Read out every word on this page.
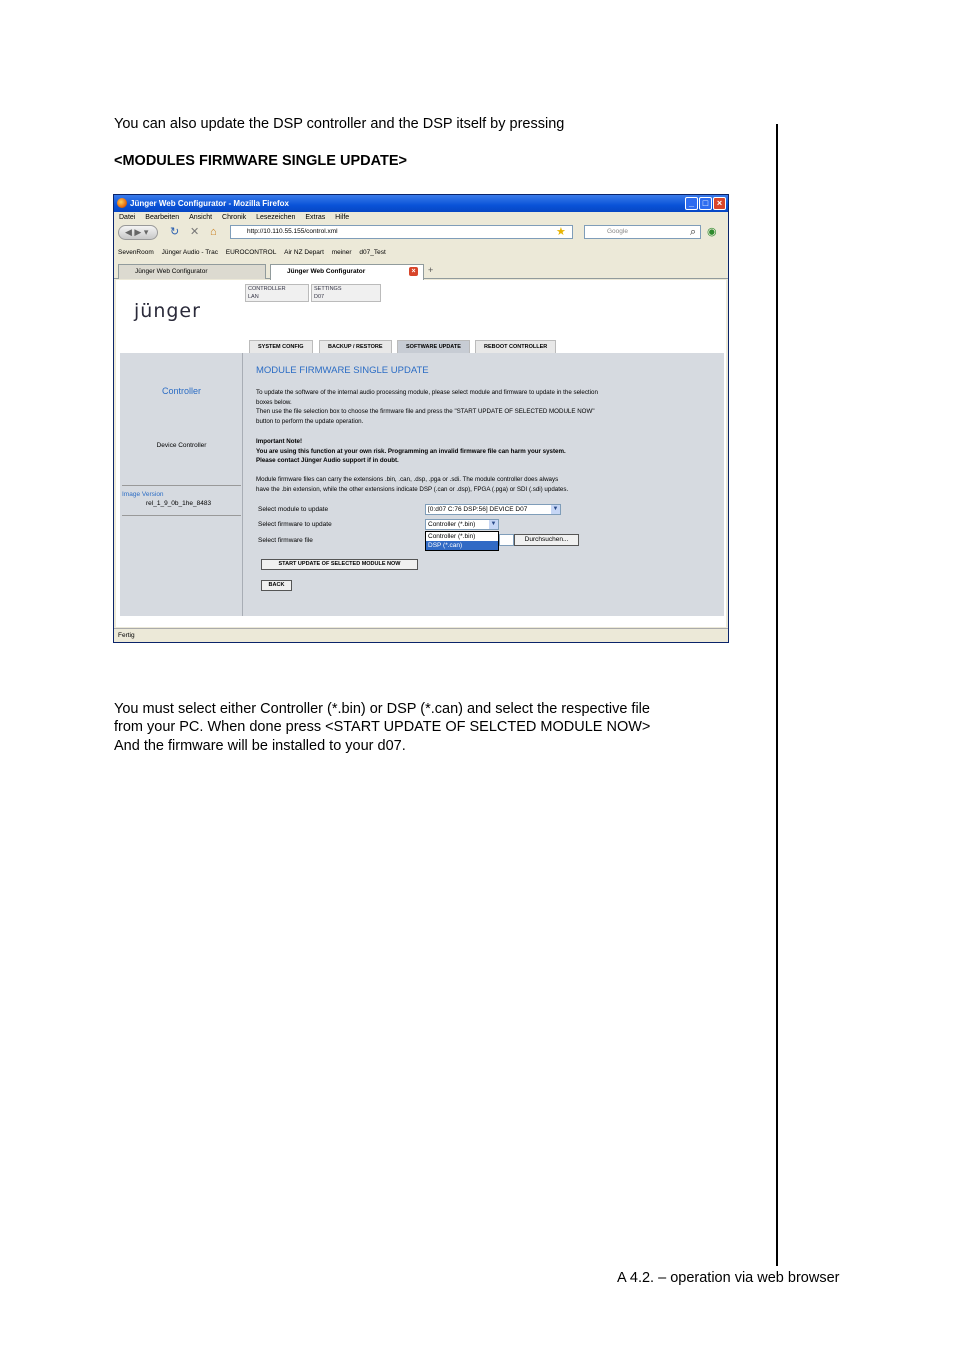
You can also update the DSP controller and the DSP itself by pressing
<MODULES FIRMWARE SINGLE UPDATE>
Jünger Web Configurator - Mozilla Firefox	_ □ ×
Datei Bearbeiten Ansicht Chronik Lesezeichen Extras Hilfe
◀ ▶ ▾	↻ ✕ ⌂	http://10.110.55.155/control.xml	★	Google	⌕ ◉
SevenRoom Jünger Audio - Trac EUROCONTROL Air NZ Depart meiner d07_Test
Jünger Web Configurator	Jünger Web Configurator	× +
CONTROLLER
LAN
SETTINGS
D07
jünger
SYSTEM CONFIG	BACKUP / RESTORE	SOFTWARE UPDATE	REBOOT CONTROLLER
Controller
Device Controller
Image Version
rel_1_9_0b_1he_8483
MODULE FIRMWARE SINGLE UPDATE
To update the software of the internal audio processing module, please select module and firmware to update in the selection
boxes below.
Then use the file selection box to choose the firmware file and press the "START UPDATE OF SELECTED MODULE NOW"
button to perform the update operation.
Important Note!
You are using this function at your own risk. Programming an invalid firmware file can harm your system.
Please contact Jünger Audio support if in doubt.
Module firmware files can carry the extensions .bin, .can, .dsp, .pga or .sdi. The module controller does always
have the .bin extension, while the other extensions indicate DSP (.can or .dsp), FPGA (.pga) or SDI (.sdi) updates.
Select module to update	[0:d07 C:76 DSP:56] DEVICE D07	▼
Select firmware to update	Controller (*.bin)	▼
Controller (*.bin)
DSP (*.can)
Select firmware file	Durchsuchen...
START UPDATE OF SELECTED MODULE NOW
BACK
Fertig
You must select either Controller (*.bin) or DSP (*.can) and select the respective file
from your PC. When done press <START UPDATE OF SELCTED MODULE NOW>
And the firmware will be installed to your d07.
A 4.2. – operation via web browser
